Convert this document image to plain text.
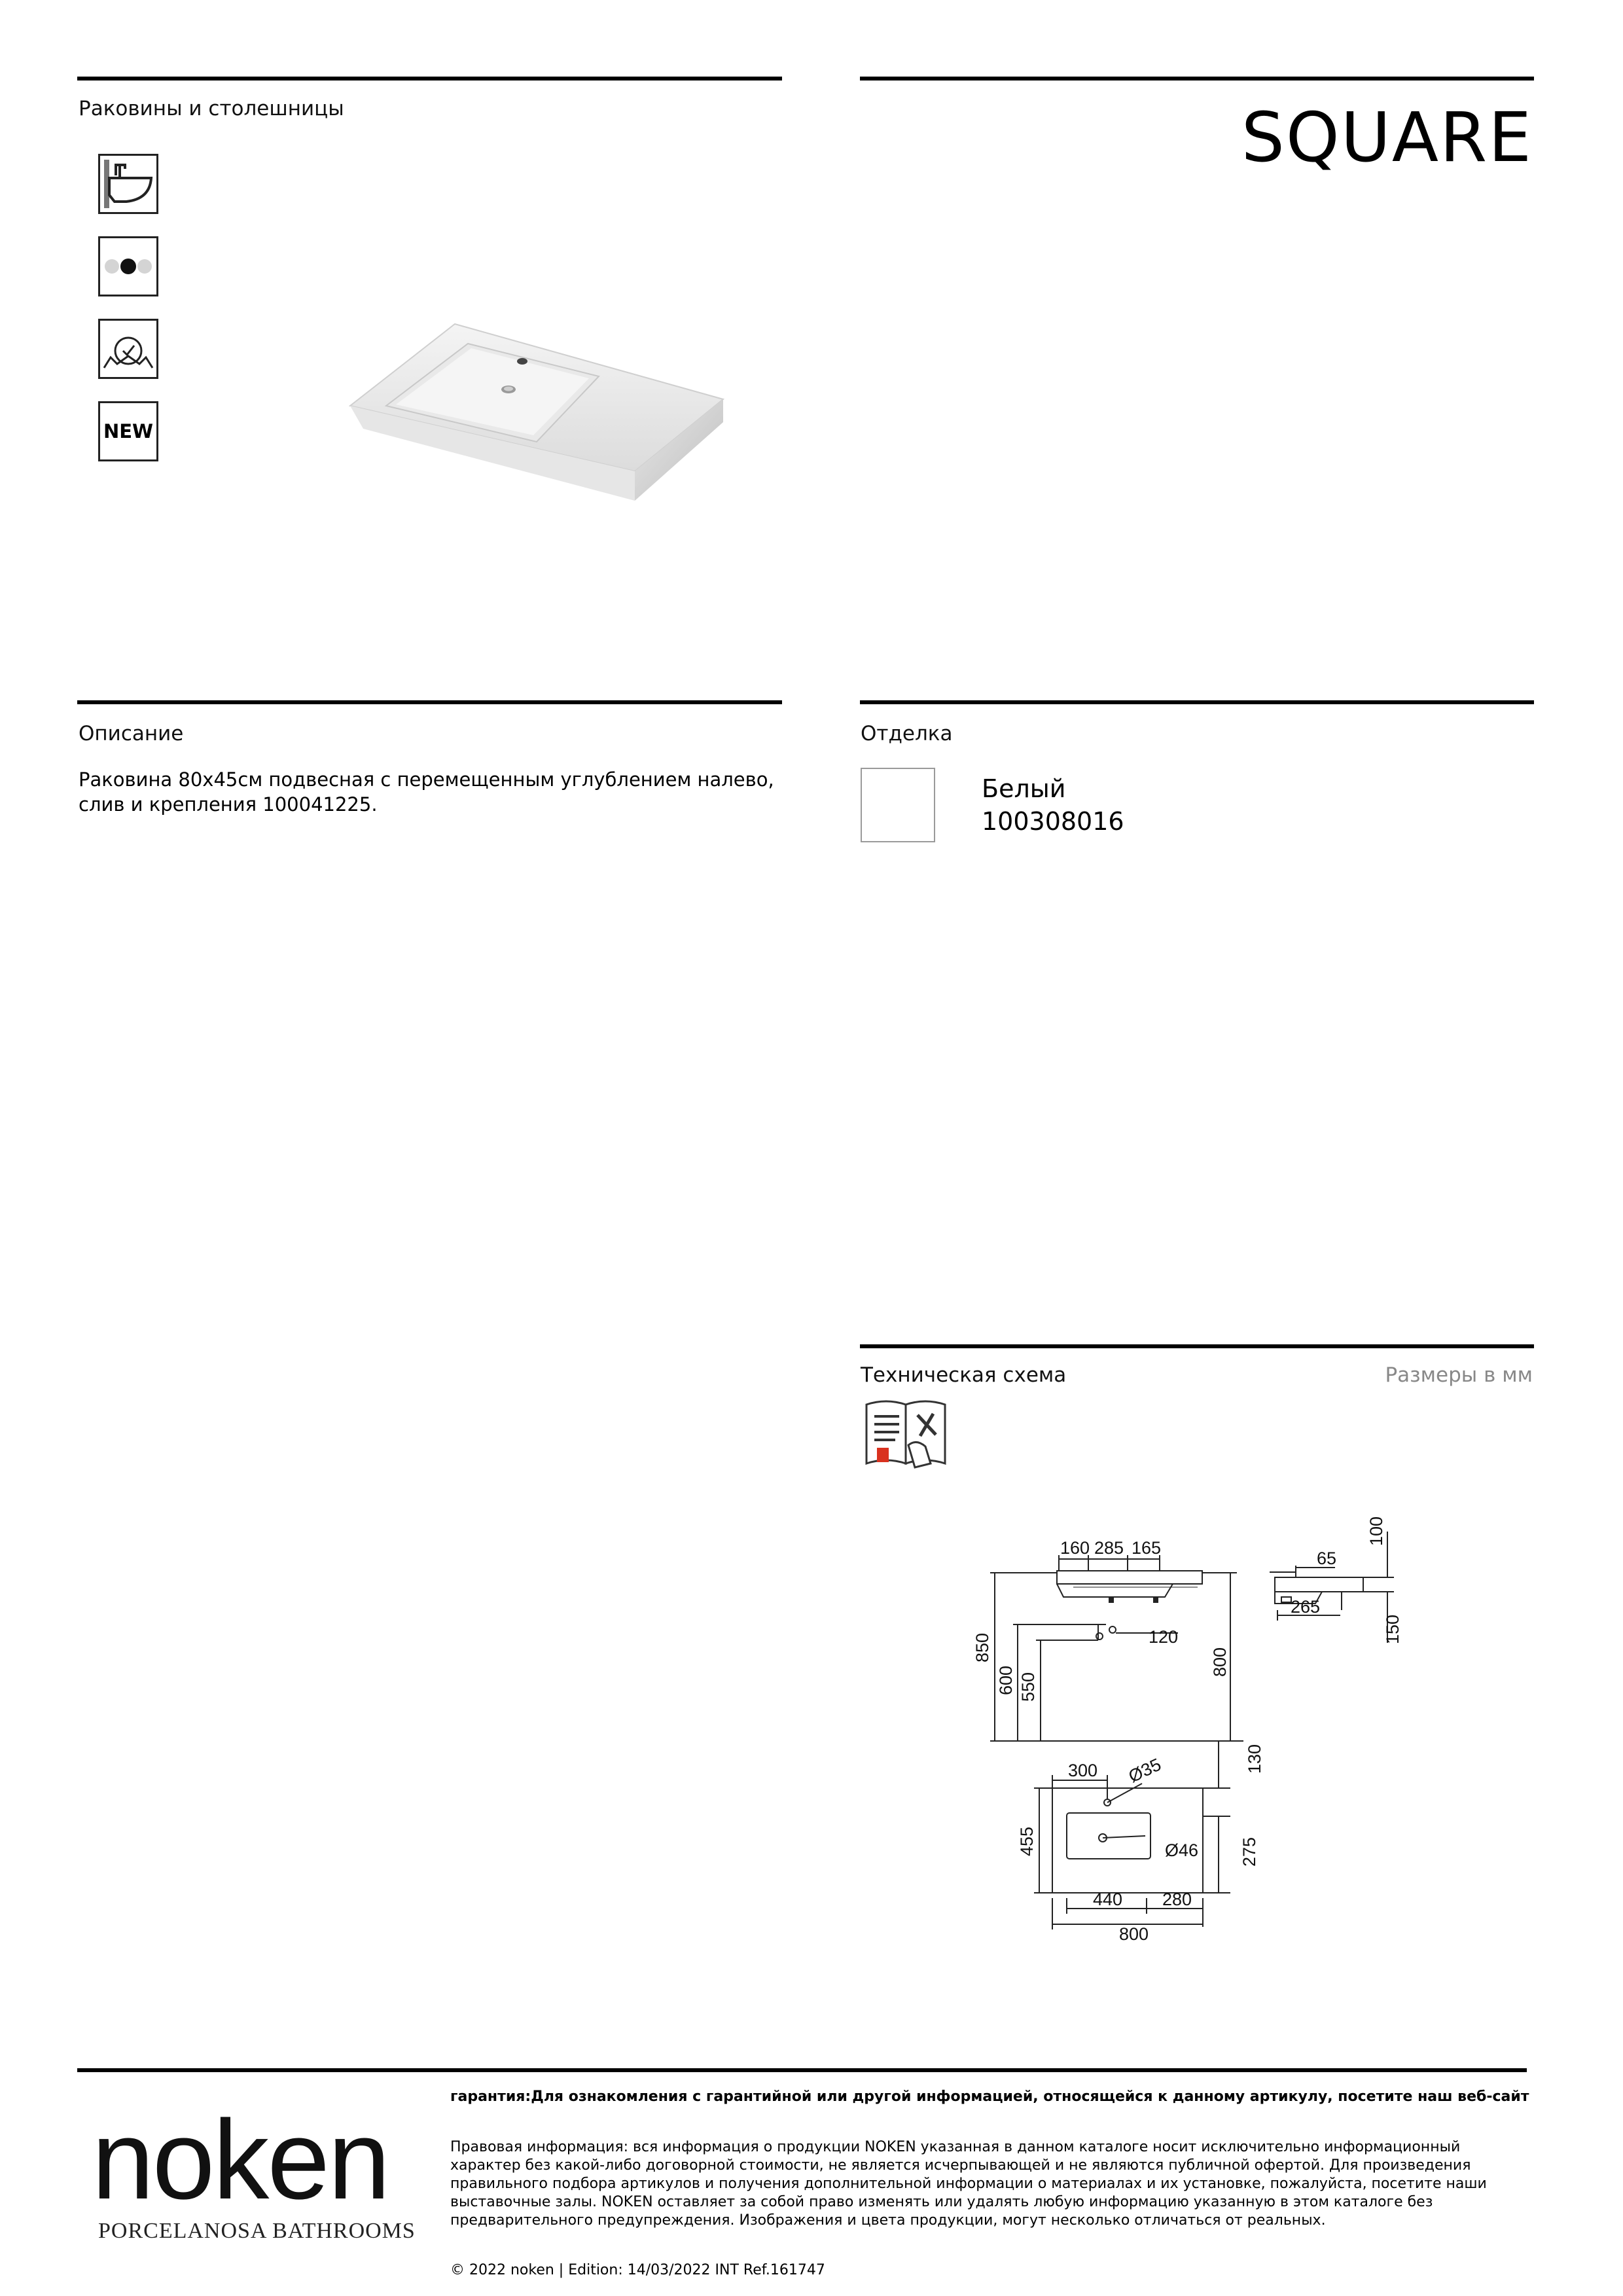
Раковины и столешницы	SQUARE
NEW
Описание
Раковина 80x45см подвесная с перемещенным углублением налево, слив и крепления 100041225.
Отделка
Белый
100308016
Техническая схема	Размеры в мм
160 285 165
850
600 550
800
120
65
100
265
150
300 Ø35
Ø46
455
130
275
440 280
800
noken
PORCELANOSA BATHROOMS
гарантия:Для ознакомления с гарантийной или другой информацией, относящейся к данному артикулу, посетите наш веб-сайт
Правовая информация: вся информация о продукции NOKEN указанная в данном каталоге носит исключительно информационный характер без какой-либо договорной стоимости, не является исчерпывающей и не являются публичной офертой. Для произведения правильного подбора артикулов и получения дополнительной информации о материалах и их установке, пожалуйста, посетите наши выставочные залы. NOKEN оставляет за собой право изменять или удалять любую информацию указанную в этом каталоге без предварительного предупреждения. Изображения и цвета продукции, могут несколько отличаться от реальных.
© 2022 noken | Edition: 14/03/2022 INT Ref.161747
